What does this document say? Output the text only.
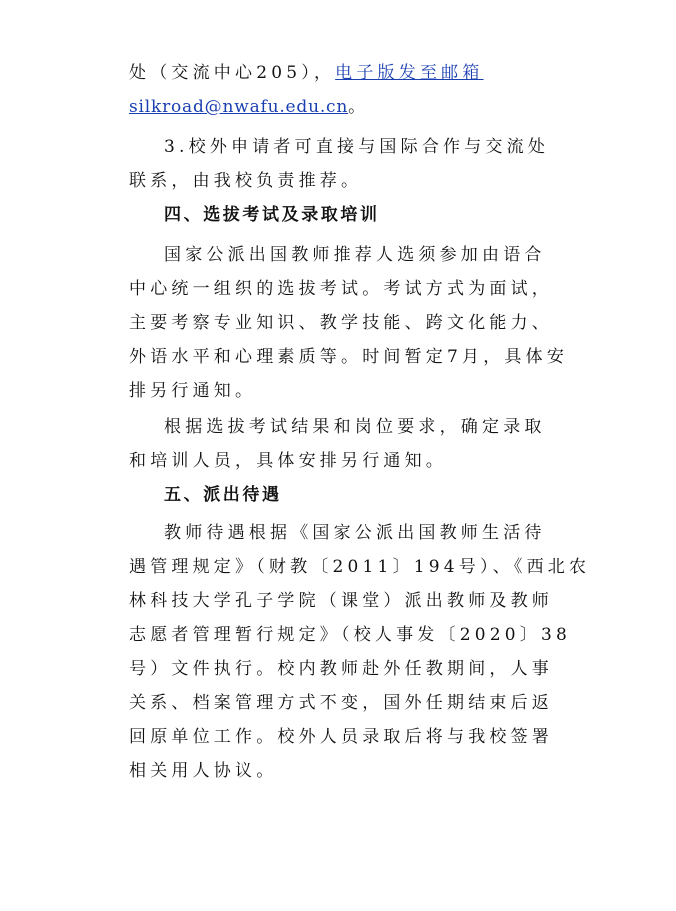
处（交流中心205），电子版发至邮箱
silkroad@nwafu.edu.cn。
3.校外申请者可直接与国际合作与交流处
联系，由我校负责推荐。
四、选拔考试及录取培训
国家公派出国教师推荐人选须参加由语合
中心统一组织的选拔考试。考试方式为面试，
主要考察专业知识、教学技能、跨文化能力、
外语水平和心理素质等。时间暂定7月，具体安
排另行通知。
根据选拔考试结果和岗位要求，确定录取
和培训人员，具体安排另行通知。
五、派出待遇
教师待遇根据《国家公派出国教师生活待
遇管理规定》（财教〔2011〕194号）、《西北农
林科技大学孔子学院（课堂）派出教师及教师
志愿者管理暂行规定》（校人事发〔2020〕38
号）文件执行。校内教师赴外任教期间，人事
关系、档案管理方式不变，国外任期结束后返
回原单位工作。校外人员录取后将与我校签署
相关用人协议。
